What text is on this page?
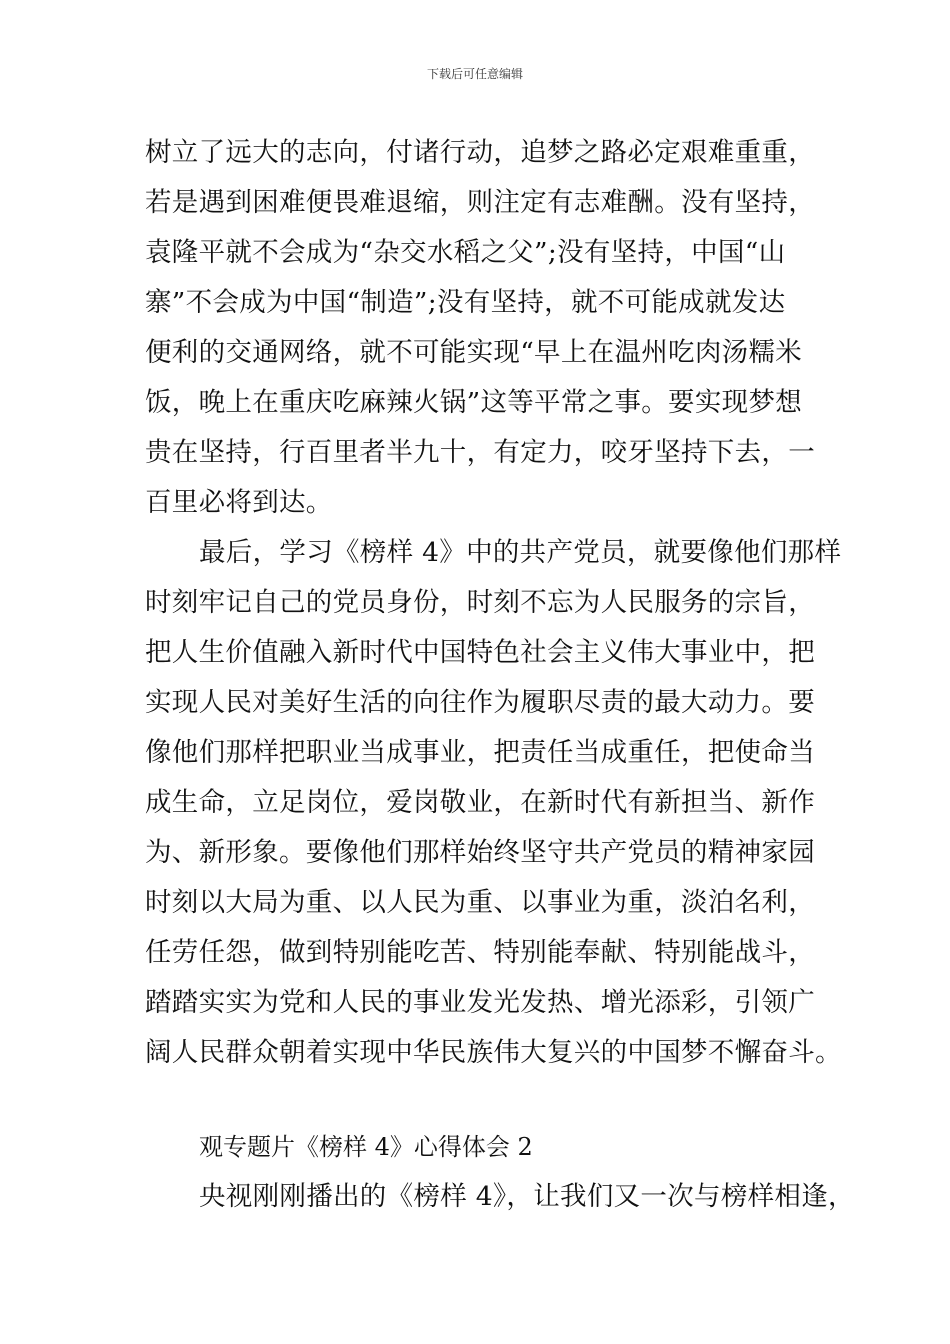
下载后可任意编辑
树立了远大的志向，付诸行动，追梦之路必定艰难重重，
若是遇到困难便畏难退缩，则注定有志难酬。没有坚持，
袁隆平就不会成为“杂交水稻之父”;没有坚持，中国“山
寨”不会成为中国“制造”;没有坚持，就不可能成就发达
便利的交通网络，就不可能实现“早上在温州吃肉汤糯米
饭，晚上在重庆吃麻辣火锅”这等平常之事。要实现梦想
贵在坚持，行百里者半九十，有定力，咬牙坚持下去，一
百里必将到达。
最后，学习《榜样 4》中的共产党员，就要像他们那样
时刻牢记自己的党员身份，时刻不忘为人民服务的宗旨，
把人生价值融入新时代中国特色社会主义伟大事业中，把
实现人民对美好生活的向往作为履职尽责的最大动力。要
像他们那样把职业当成事业，把责任当成重任，把使命当
成生命，立足岗位，爱岗敬业，在新时代有新担当、新作
为、新形象。要像他们那样始终坚守共产党员的精神家园
时刻以大局为重、以人民为重、以事业为重，淡泊名利，
任劳任怨，做到特别能吃苦、特别能奉献、特别能战斗，
踏踏实实为党和人民的事业发光发热、增光添彩，引领广
阔人民群众朝着实现中华民族伟大复兴的中国梦不懈奋斗。
观专题片《榜样 4》心得体会 2
央视刚刚播出的《榜样 4》，让我们又一次与榜样相逢，
